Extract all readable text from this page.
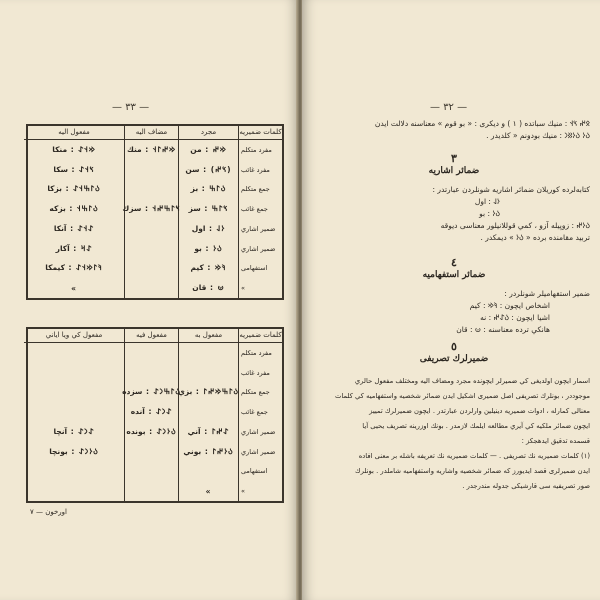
— ٣٣ —
كلمات ضميريه
مفرد متكلم
مفرد غائب
جمع متكلم
جمع غائب
ضمير اشاري
ضمير اشاري
استفهامى
»
مجرد
𐰢𐰤 : من
(𐰽𐰤) : سن
𐰉𐰃𐰕 : بز
𐰽𐰃𐰕 : سز
𐰆𐰞 : اول
𐰉𐰆 : بو
𐰚𐰢 : كيم
𐰦 : قان
مضاف اليه
𐰢𐰤𐰃𐰭 : منك
𐰽𐰃𐰕𐰤𐰭 : سزك
مفعول اليه
𐰢𐰭𐰀 : منكا
𐰽𐰭𐰀 : سكا
𐰉𐰃𐰕𐰭𐰀 : بزكا
𐰉𐰃𐰕𐰭 : بزكه
𐰀𐰭𐰀 : آنكا
𐰀𐰺 : آكار
𐰚𐰃𐰢𐰭𐰀 : كيمكا
»
كلمات ضميريه
مفرد متكلم
مفرد غائب
جمع متكلم
جمع غائب
ضمير اشاري
ضمير اشاري
استفهامى
»
مفعول به
𐰉𐰃𐰕𐰢𐰤𐰃 : بزي
𐰀𐰤𐰃 : آني
𐰉𐰆𐰤𐰃 : بوني
»
مفعول فيه
𐰉𐰃𐰕𐰣𐰀 : سزده
𐰀𐰣𐰀 : آنده
𐰉𐰆𐰣𐰀 : بونده
مفعول كي ويا اياني
𐰀𐰣𐰀 : آنچا
𐰉𐰆𐰣𐰀 : بونچا
اورخون — ٧
— ٣٢ —
𐰋𐰤 𐰽𐰭 : منيك سباتده ( ١ ) و ديكرى : « بو قوم » معناسنه دلالت ايدن
𐰉𐰆 𐰉𐰆𐰑𐰣 : منيك بودونم « كلديدر .
٣
ضمائر اشاريه
كتابەلرده كوريلان ضمائر اشاريه شونلردن عبارتدر :
𐰆𐰞 : اول
𐰉𐰆 : بو
𐰉𐰆𐰤 : زوپيله آزو ، كمي قوللانيلور معناسى ديوقه
تربيد مقامنده برده « 𐰉𐰆 » ديمكدر .
٤
ضمائر استفهاميه
ضمير استفهاميلر شونلردر :
اشخاص ايچون : 𐰚𐰢 : كيم
اشيا ايچون : 𐰉𐰀𐰤 : نه
هانكي ترده معناسنه : 𐰦 : قان
٥
ضميرلرك تصريفى
اسمار ايچون اولديغى كي ضميرلر ايچونده مجرد ومضاف اليه ومختلف مفعول حالري
موجوددر ، بونلرك تصريفى اصل ضميرى اشكيل ايدن ضمائر شخصيه واستفهاميه كي كلمات
معنالى كمارله ، ادوات ضميريه دينيلين وارلردن عبارتدر . ايچون ضميرلرك تمييز
ايچون ضمائر ملكيه كي آيري مطالعه ايلمك لازمدر . بونك اوزرينه تصريف يحيى آيا
قسمده تدقيق ايدهجكز :
(١) كلمات ضميريه نك تصريفى . — كلمات ضميريه نك تعريفه باشله بر معنى افاده
ايدن ضميرلرى قصد ايديورز كه ضمائر شخصيه واشاريه واستفهاميه شاملدر . بونلرك
صور تصريفيه سى قارشيكى جدوله مندرجدر .
